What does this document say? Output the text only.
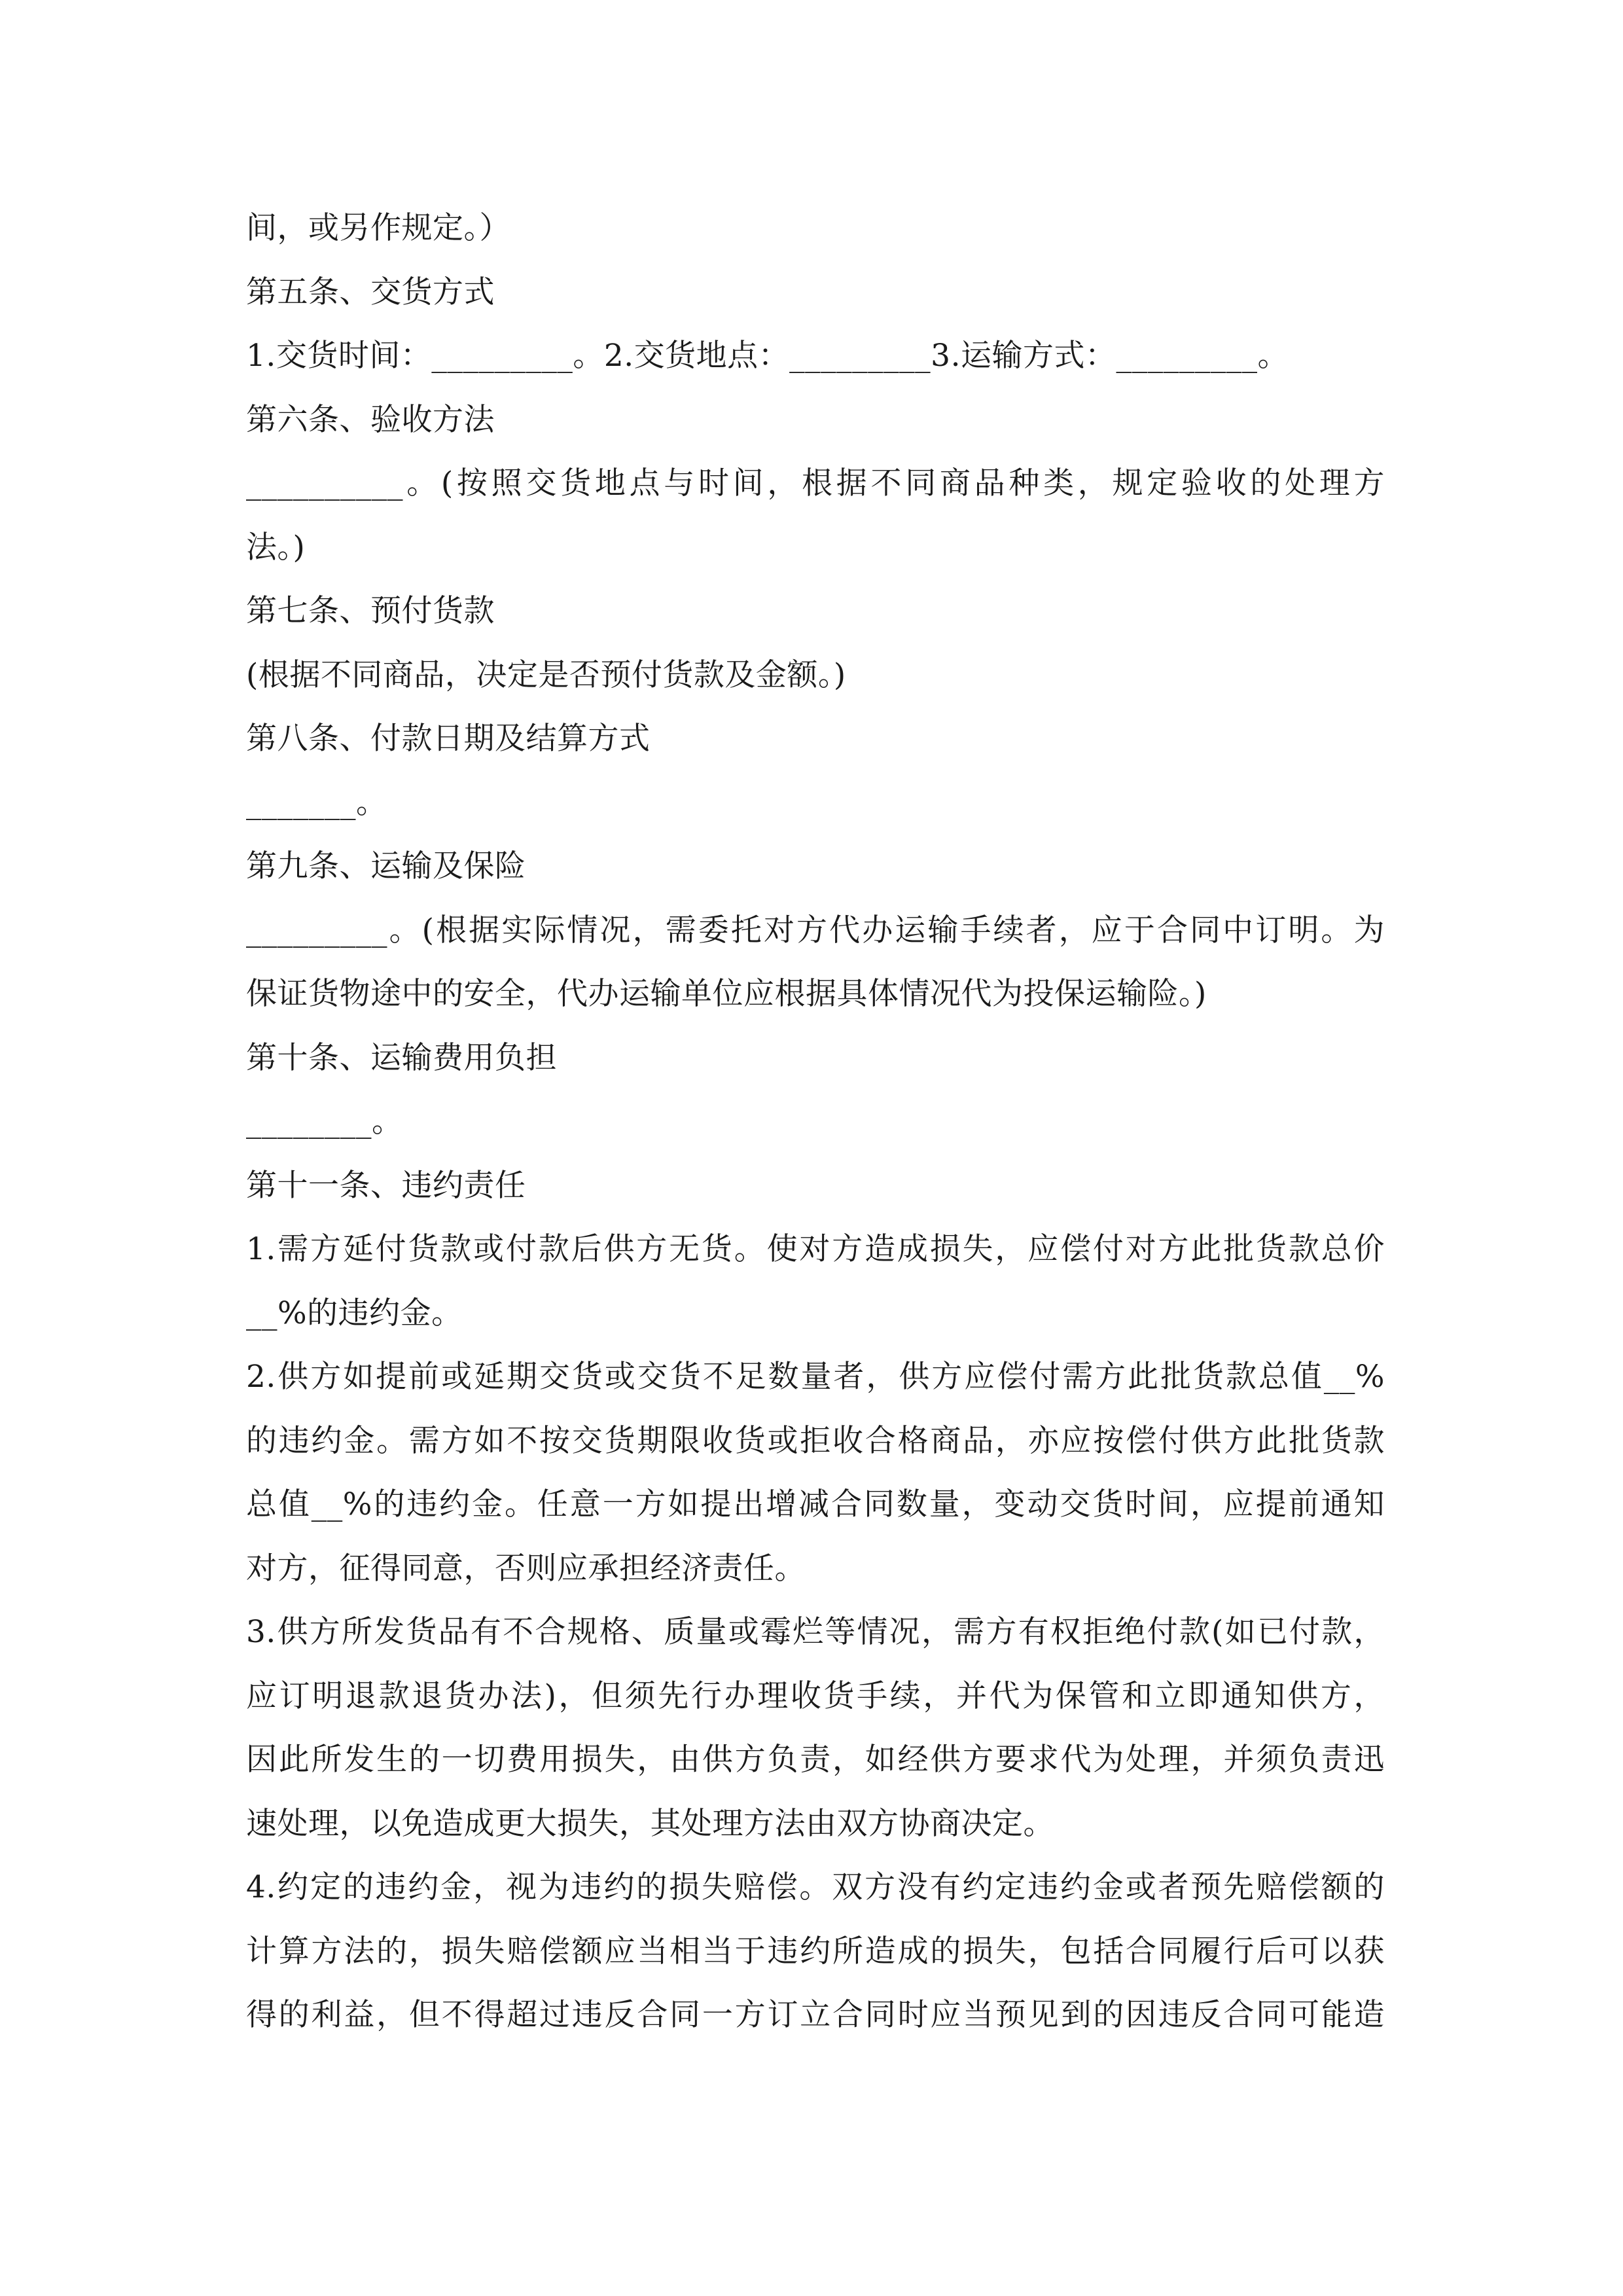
间，或另作规定。）
第五条、交货方式
1.交货时间：_________。2.交货地点：_________3.运输方式：_________。
第六条、验收方法
__________。(按照交货地点与时间，根据不同商品种类，规定验收的处理方
法。)
第七条、预付货款
(根据不同商品，决定是否预付货款及金额。)
第八条、付款日期及结算方式
_______。
第九条、运输及保险
_________。(根据实际情况，需委托对方代办运输手续者，应于合同中订明。为
保证货物途中的安全，代办运输单位应根据具体情况代为投保运输险。)
第十条、运输费用负担
________。
第十一条、违约责任
1.需方延付货款或付款后供方无货。使对方造成损失，应偿付对方此批货款总价
__%的违约金。
2.供方如提前或延期交货或交货不足数量者，供方应偿付需方此批货款总值__%
的违约金。需方如不按交货期限收货或拒收合格商品，亦应按偿付供方此批货款
总值__%的违约金。任意一方如提出增减合同数量，变动交货时间，应提前通知
对方，征得同意，否则应承担经济责任。
3.供方所发货品有不合规格、质量或霉烂等情况，需方有权拒绝付款(如已付款，
应订明退款退货办法)，但须先行办理收货手续，并代为保管和立即通知供方，
因此所发生的一切费用损失，由供方负责，如经供方要求代为处理，并须负责迅
速处理，以免造成更大损失，其处理方法由双方协商决定。
4.约定的违约金，视为违约的损失赔偿。双方没有约定违约金或者预先赔偿额的
计算方法的，损失赔偿额应当相当于违约所造成的损失，包括合同履行后可以获
得的利益，但不得超过违反合同一方订立合同时应当预见到的因违反合同可能造
